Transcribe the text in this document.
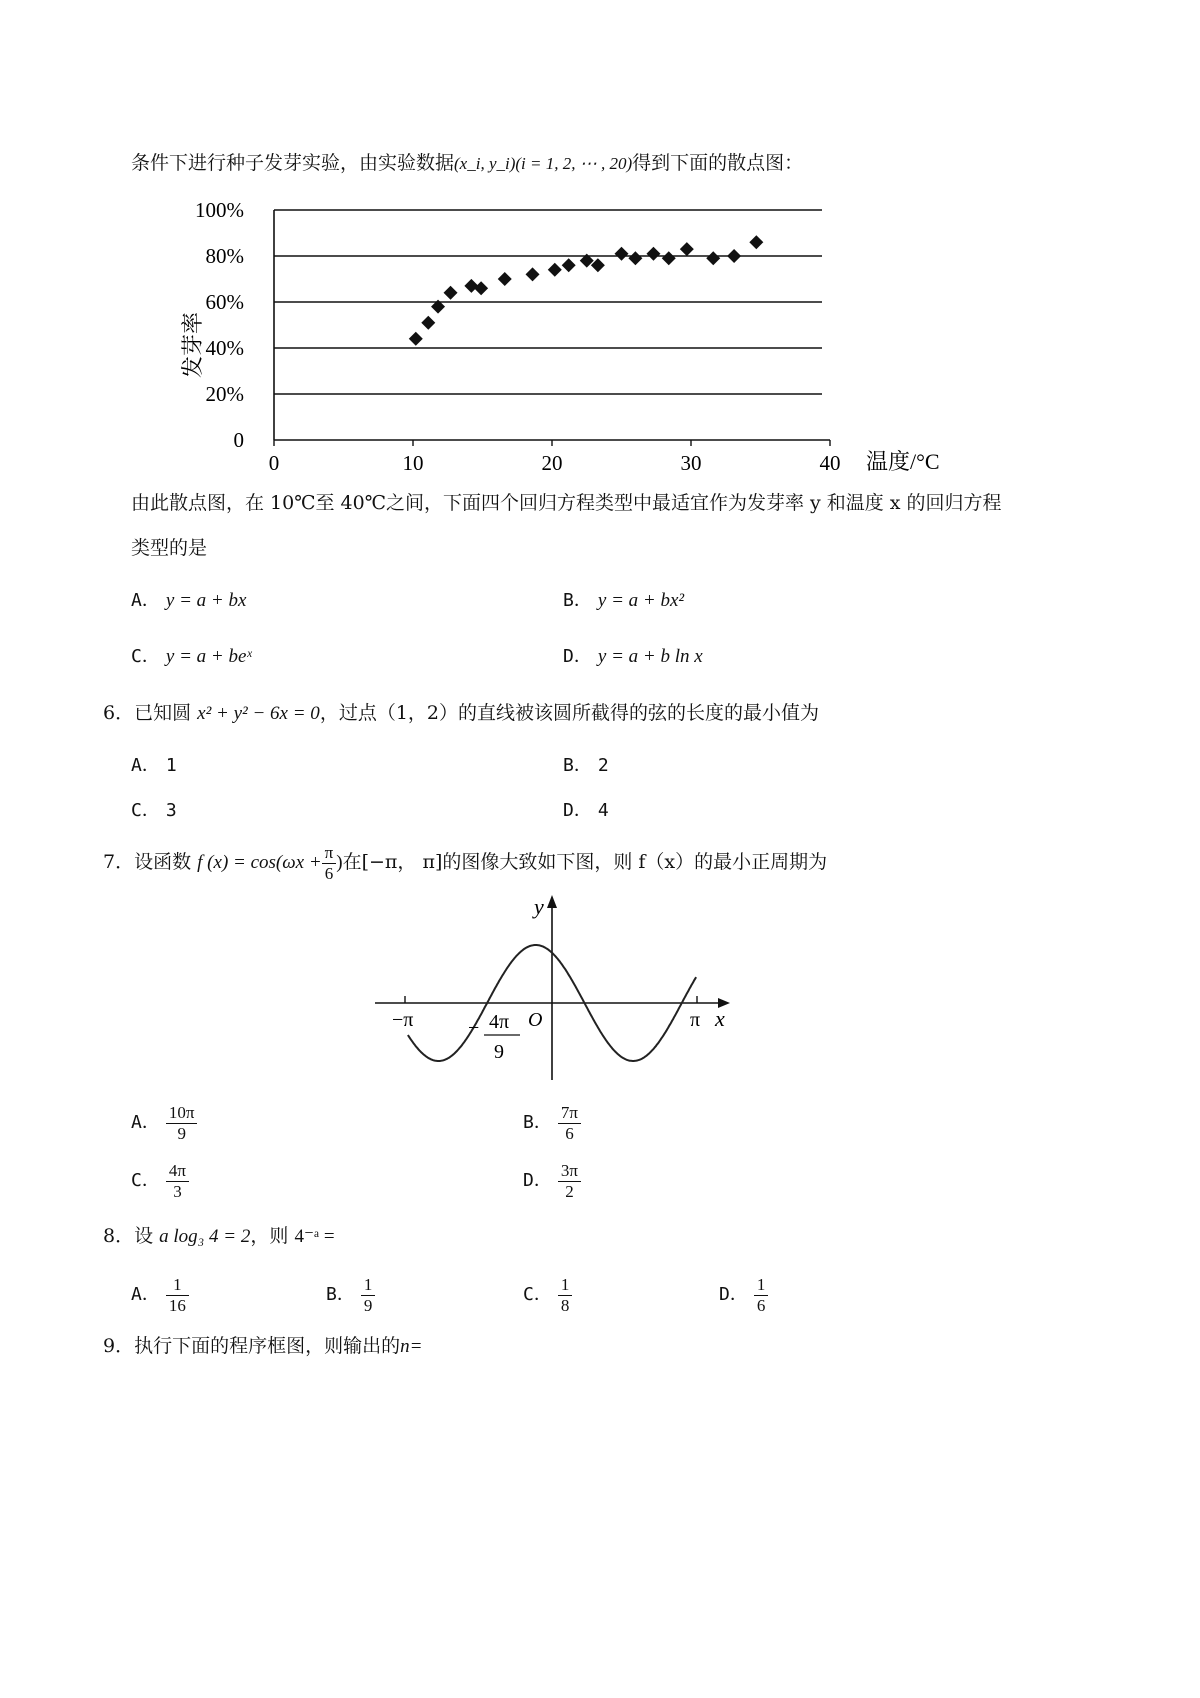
条件下进行种子发芽实验，由实验数据(x_i, y_i)(i = 1, 2, ⋯ , 20)得到下面的散点图：
0
20%
40%
60%
80%
100%
0	10	20	30	40
发芽率
温度/°C
由此散点图，在 10℃至 40℃之间，下面四个回归方程类型中最适宜作为发芽率 y 和温度 x 的回归方程
类型的是
A． y = a + bx	B． y = a + bx²
C． y = a + beˣ	D． y = a + b ln x
6．已知圆 x² + y² − 6x = 0，过点（1，2）的直线被该圆所截得的弦的长度的最小值为
A． 1	B． 2
C． 3	D． 4
7．设函数 f $(x) = \cos(\omega x + \frac{\pi}{6}$ )在[−π， π]的图像大致如下图，则 f（x）的最小正周期为
y
x
O
−π	π
− 4π
9
A． $\frac{10\pi}{9}$	B． $\frac{7\pi}{6}$
C． $\frac{4\pi}{3}$	D． $\frac{3\pi}{2}$
8．设 a log₃ 4 = 2，则 4⁻ᵃ =
A． $\frac{1}{16}$	B． $\frac{1}{9}$	C． $\frac{1}{8}$	D． $\frac{1}{6}$
9．执行下面的程序框图，则输出的n=
